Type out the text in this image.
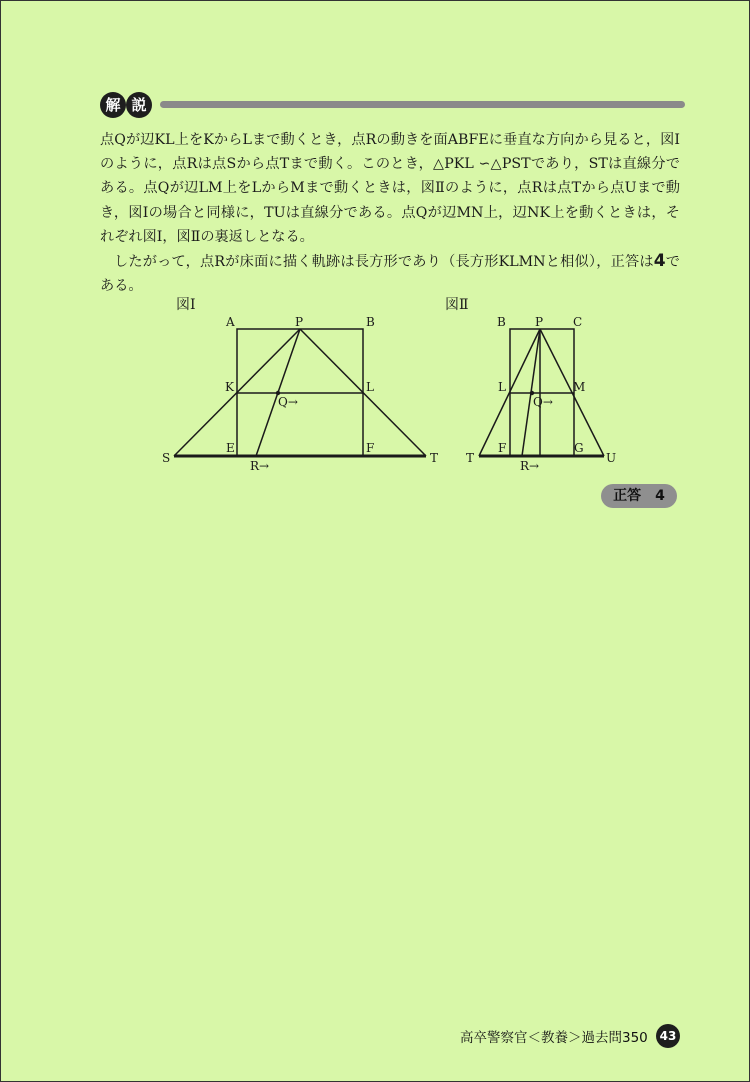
解 説

点Qが辺KL上をKからLまで動くとき，点Rの動きを面ABFEに垂直な方向から見ると，図Ⅰのように，点Rは点Sから点Tまで動く。このとき，△PKL ∽△PSTであり，STは直線分である。点Qが辺LM上をLからMまで動くときは，図Ⅱのように，点Rは点Tから点Uまで動き，図Ⅰの場合と同様に，TUは直線分である。点Qが辺MN上，辺NK上を動くときは，それぞれ図Ⅰ，図Ⅱの裏返しとなる。

したがって，点Rが床面に描く軌跡は長方形であり（長方形KLMNと相似），正答は4である。

図Ⅰ
A	P	B
K	L
Q→
S
E	F
T
R→
図Ⅱ
B P C
L	M
Q→
T
F	G
U
R→
正答　4
高卒警察官＜教養＞過去問350 43
